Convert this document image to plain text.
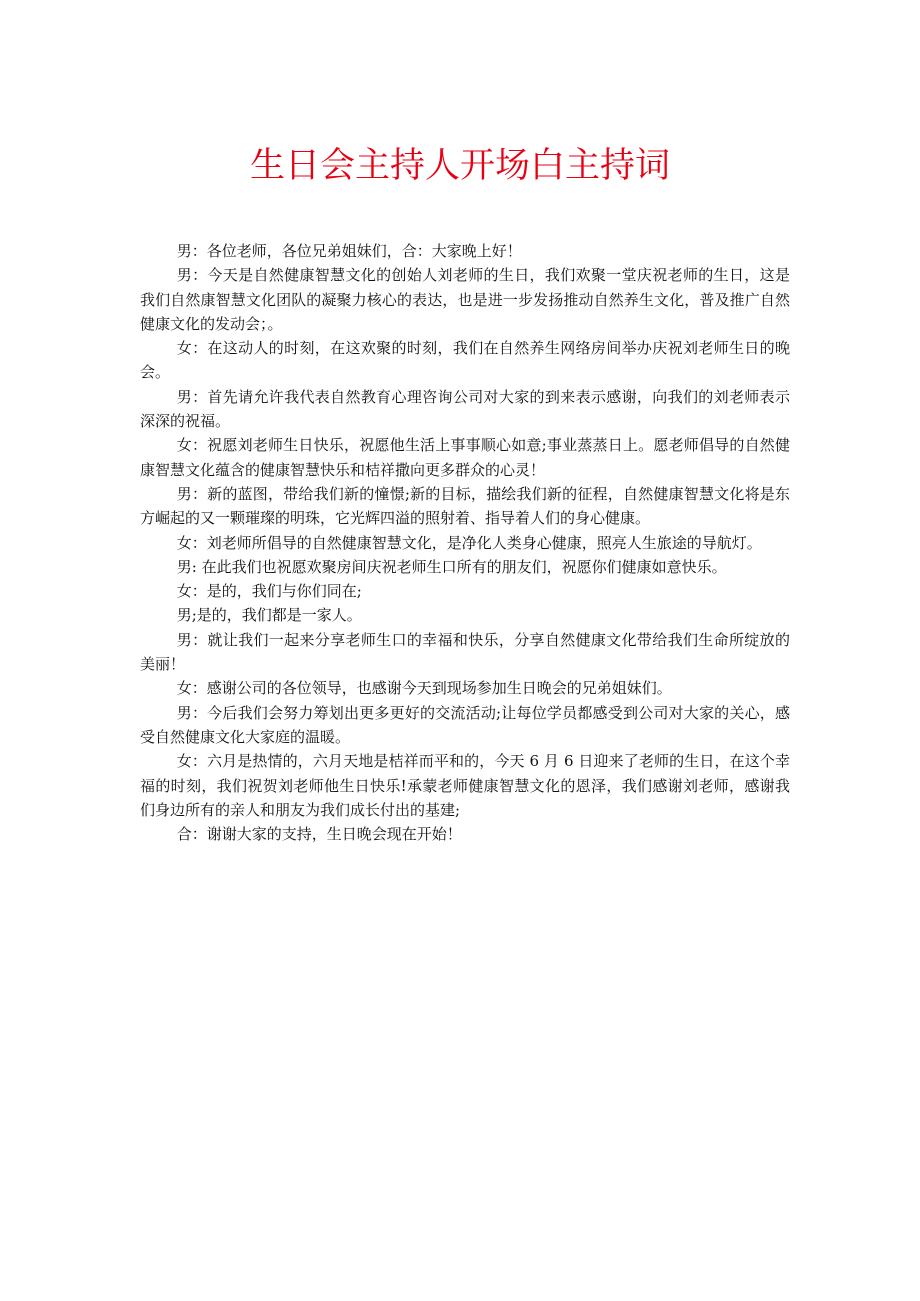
生日会主持人开场白主持词

男：各位老师，各位兄弟姐妹们，合：大家晚上好！

男：今天是自然健康智慧文化的创始人刘老师的生日，我们欢聚一堂庆祝老师的生日，这是我们自然康智慧文化团队的凝聚力核心的表达，也是进一步发扬推动自然养生文化，普及推广自然健康文化的发动会；。

女：在这动人的时刻，在这欢聚的时刻，我们在自然养生网络房间举办庆祝刘老师生日的晚会。

男：首先请允许我代表自然教育心理咨询公司对大家的到来表示感谢，向我们的刘老师表示深深的祝福。

女：祝愿刘老师生日快乐，祝愿他生活上事事顺心如意;事业蒸蒸日上。愿老师倡导的自然健康智慧文化蕴含的健康智慧快乐和桔祥撒向更多群众的心灵！

男：新的蓝图，带给我们新的憧憬;新的目标，描绘我们新的征程，自然健康智慧文化将是东方崛起的又一颗璀璨的明珠，它光辉四溢的照射着、指导着人们的身心健康。

女：刘老师所倡导的自然健康智慧文化，是净化人类身心健康，照亮人生旅途的导航灯。

男: 在此我们也祝愿欢聚房间庆祝老师生口所有的朋友们，祝愿你们健康如意快乐。

女：是的，我们与你们同在;

男;是的，我们都是一家人。

男：就让我们一起来分享老师生口的幸福和快乐，分享自然健康文化带给我们生命所绽放的美丽！

女：感谢公司的各位领导，也感谢今天到现场参加生日晚会的兄弟姐妹们。

男：今后我们会努力筹划出更多更好的交流活动;让每位学员都感受到公司对大家的关心，感受自然健康文化大家庭的温暖。

女：六月是热情的，六月天地是桔祥而平和的，今天 6 月 6 日迎来了老师的生日，在这个幸福的时刻，我们祝贺刘老师他生日快乐!承蒙老师健康智慧文化的恩泽，我们感谢刘老师，感谢我们身边所有的亲人和朋友为我们成长付出的基建;

合：谢谢大家的支持，生日晚会现在开始！
